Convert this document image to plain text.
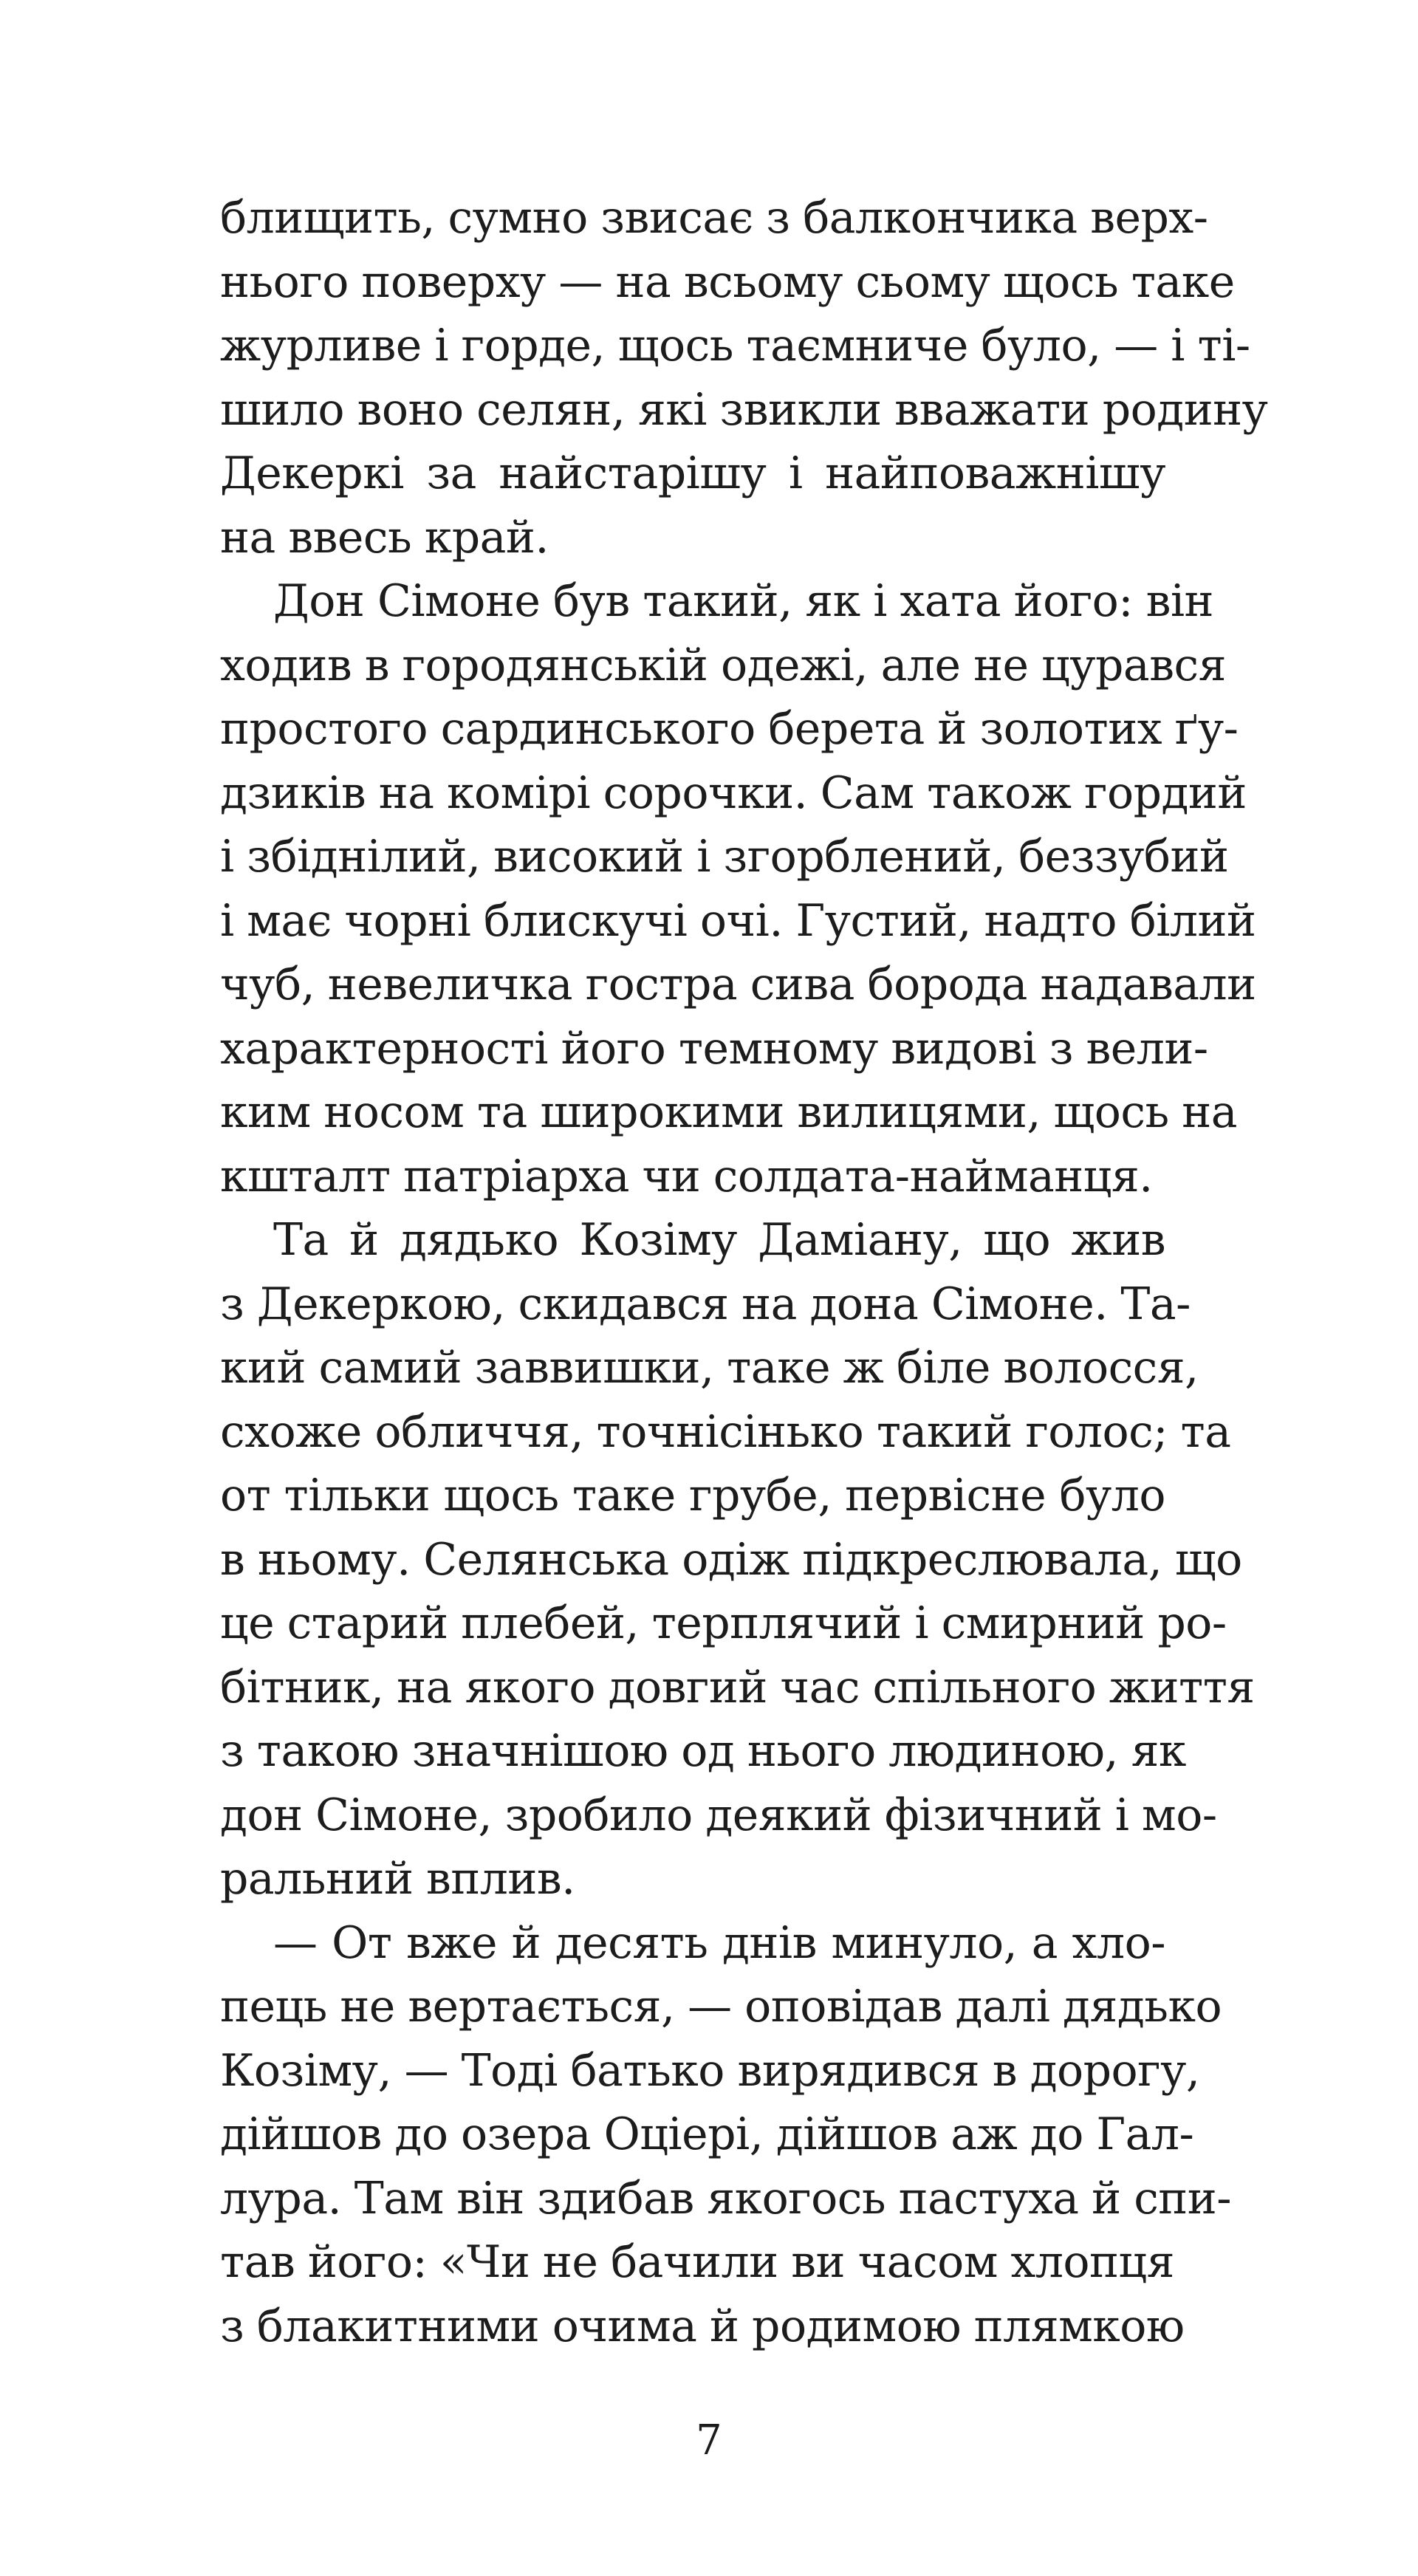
блищить, сумно звисає з балкончика верх-
нього поверху — на всьому сьому щось таке
журливе і горде, щось таємниче було, — і ті-
шило воно селян, які звикли вважати родину
Декеркі за найстарішу і найповажнішу
на ввесь край.
Дон Сімоне був такий, як і хата його: він
ходив в городянській одежі, але не цурався
простого сардинського берета й золотих ґу-
дзиків на комірі сорочки. Сам також гордий
і збіднілий, високий і згорблений, беззубий
і має чорні блискучі очі. Густий, надто білий
чуб, невеличка гостра сива борода надавали
характерності його темному видові з вели-
ким носом та широкими вилицями, щось на
кшталт патріарха чи солдата-найманця.
Та й дядько Козіму Даміану, що жив
з Декеркою, скидався на дона Сімоне. Та-
кий самий заввишки, таке ж біле волосся,
схоже обличчя, точнісінько такий голос; та
от тільки щось таке грубе, первісне було
в ньому. Селянська одіж підкреслювала, що
це старий плебей, терплячий і смирний ро-
бітник, на якого довгий час спільного життя
з такою значнішою од нього людиною, як
дон Сімоне, зробило деякий фізичний і мо-
ральний вплив.
— От вже й десять днів минуло, а хло-
пець не вертається, — оповідав далі дядько
Козіму, — Тоді батько вирядився в дорогу,
дійшов до озера Оціері, дійшов аж до Гал-
лура. Там він здибав якогось пастуха й спи-
тав його: «Чи не бачили ви часом хлопця
з блакитними очима й родимою плямкою
7
